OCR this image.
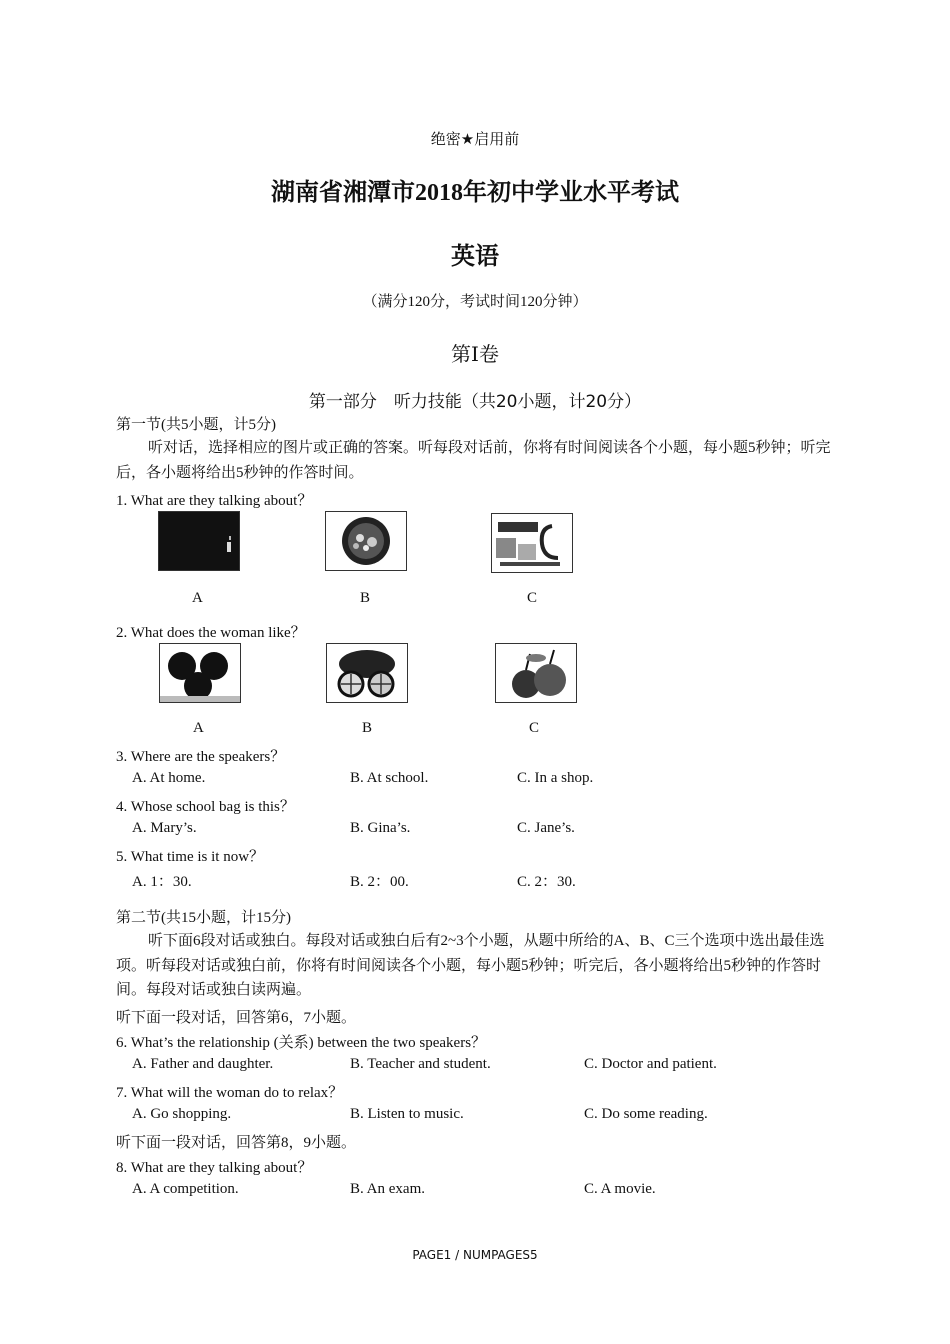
绝密★启用前
湖南省湘潭市2018年初中学业水平考试
英语
（满分120分，考试时间120分钟）
第Ⅰ卷
第一部分　听力技能（共20小题，计20分）
第一节(共5小题，计5分)
听对话，选择相应的图片或正确的答案。听每段对话前，你将有时间阅读各个小题，每小题5秒钟；听完后，各小题将给出5秒钟的作答时间。
1. What are they talking about？
A	B	C
2. What does the woman like？
A	B	C
3. Where are the speakers？
A. At home.	B. At school.	C. In a shop.
4. Whose school bag is this？
A. Mary’s.	B. Gina’s.	C. Jane’s.
5. What time is it now？
A. 1：30.	B. 2：00.	C. 2：30.
第二节(共15小题，计15分)
听下面6段对话或独白。每段对话或独白后有2~3个小题，从题中所给的A、B、C三个选项中选出最佳选项。听每段对话或独白前，你将有时间阅读各个小题，每小题5秒钟；听完后，各小题将给出5秒钟的作答时间。每段对话或独白读两遍。
听下面一段对话，回答第6，7小题。
6. What’s the relationship (关系) between the two speakers？
A. Father and daughter.	B. Teacher and student.	C. Doctor and patient.
7. What will the woman do to relax？
A. Go shopping.	B. Listen to music.	C. Do some reading.
听下面一段对话，回答第8，9小题。
8. What are they talking about？
A. A competition.	B. An exam.	C. A movie.
PAGE1 / NUMPAGES5
